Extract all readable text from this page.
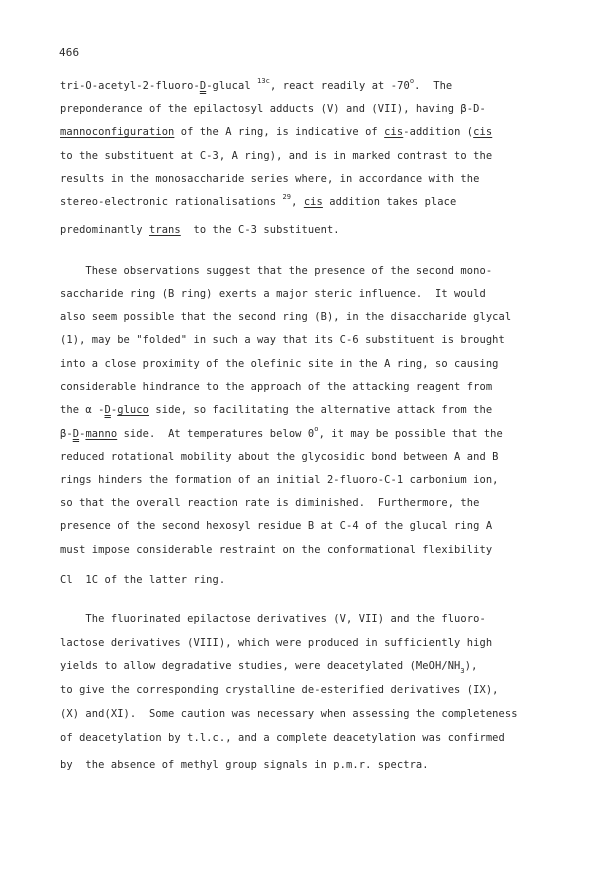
466
tri-O-acetyl-2-fluoro-D-glucal $^{13c}$, react readily at -70$^o$.  The
preponderance of the epilactosyl adducts (V) and (VII), having β-D-
mannoconfiguration of the A ring, is indicative of cis-addition (cis
to the substituent at C-3, A ring), and is in marked contrast to the
results in the monosaccharide series where, in accordance with the
stereo-electronic rationalisations $^{29}$, cis addition takes place
predominantly trans  to the C-3 substituent.
These observations suggest that the presence of the second mono-
saccharide ring (B ring) exerts a major steric influence.  It would
also seem possible that the second ring (B), in the disaccharide glycal
(1), may be "folded" in such a way that its C-6 substituent is brought
into a close proximity of the olefinic site in the A ring, so causing
considerable hindrance to the approach of the attacking reagent from
the α -D-gluco side, so facilitating the alternative attack from the
β-D-manno side.  At temperatures below 0$^o$, it may be possible that the
reduced rotational mobility about the glycosidic bond between A and B
rings hinders the formation of an initial 2-fluoro-C-1 carbonium ion,
so that the overall reaction rate is diminished.  Furthermore, the
presence of the second hexosyl residue B at C-4 of the glucal ring A
must impose considerable restraint on the conformational flexibility
Cl  1C of the latter ring.
The fluorinated epilactose derivatives (V, VII) and the fluoro-
lactose derivatives (VIII), which were produced in sufficiently high
yields to allow degradative studies, were deacetylated $(MeOH/NH_3)$,
to give the corresponding crystalline de-esterified derivatives (IX),
(X) and(XI).  Some caution was necessary when assessing the completeness
of deacetylation by t.l.c., and a complete deacetylation was confirmed
by  the absence of methyl group signals in p.m.r. spectra.
